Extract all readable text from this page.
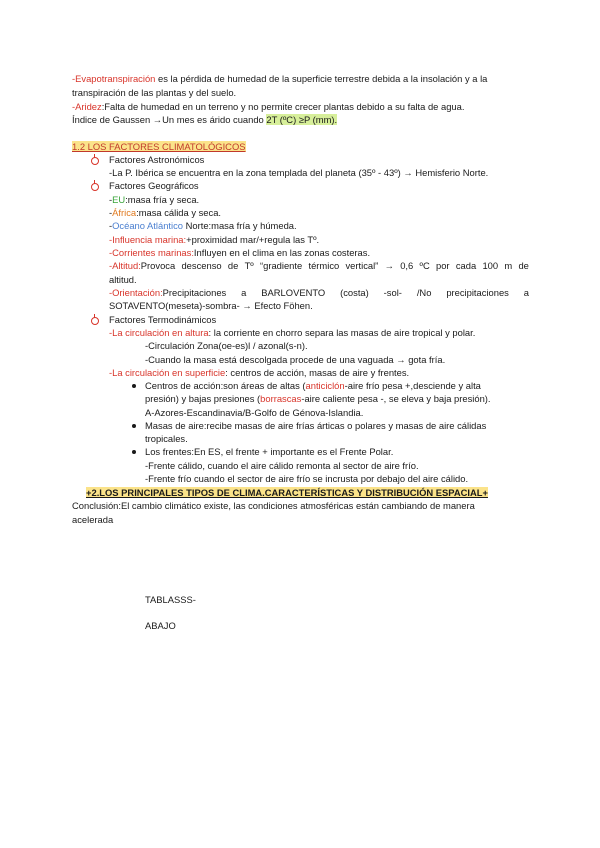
-Evapotranspiración es la pérdida de humedad de la superficie terrestre debida a la insolación y a la
transpiración de las plantas y del suelo.
-Aridez:Falta de humedad en un terreno y no permite crecer plantas debido a su falta de agua.
Índice de Gaussen →Un mes es árido cuando 2T (ºC) ≥P (mm).
1.2 LOS FACTORES CLIMATOLÓGICOS
Factores Astronómicos
-La P. Ibérica se encuentra en la zona templada del planeta (35º - 43º) → Hemisferio Norte.
Factores Geográficos
-EU:masa fría y seca.
-África:masa cálida y seca.
-Océano Atlántico Norte:masa fría y húmeda.
-Influencia marina:+proximidad mar/+regula las Tº.
-Corrientes marinas:Influyen en el clima en las zonas costeras.
-Altitud:Provoca descenso de Tº “gradiente térmico vertical” → 0,6 ºC por cada 100 m de
altitud.
-Orientación:Precipitaciones a BARLOVENTO (costa) -sol- /No precipitaciones a
SOTAVENTO(meseta)-sombra- → Efecto Föhen.
Factores Termodinámicos
-La circulación en altura: la corriente en chorro separa las masas de aire tropical y polar.
-Circulación Zona(oe-es)l / azonal(s-n).
-Cuando la masa está descolgada procede de una vaguada → gota fría.
-La circulación en superficie: centros de acción, masas de aire y frentes.
Centros de acción:son áreas de altas (anticiclón-aire frío pesa +,desciende y alta
presión) y bajas presiones (borrascas-aire caliente pesa -, se eleva y baja presión).
A-Azores-Escandinavia/B-Golfo de Génova-Islandia.
Masas de aire:recibe masas de aire frías árticas o polares y masas de aire cálidas
tropicales.
Los frentes:En ES, el frente + importante es el Frente Polar.
-Frente cálido, cuando el aire cálido remonta al sector de aire frío.
-Frente frío cuando el sector de aire frío se incrusta por debajo del aire cálido.
+2.LOS PRINCIPALES TIPOS DE CLIMA.CARACTERÍSTICAS Y DISTRIBUCIÓN ESPACIAL+
Conclusión:El cambio climático existe, las condiciones atmosféricas están cambiando de manera
acelerada
TABLASSS-
ABAJO
